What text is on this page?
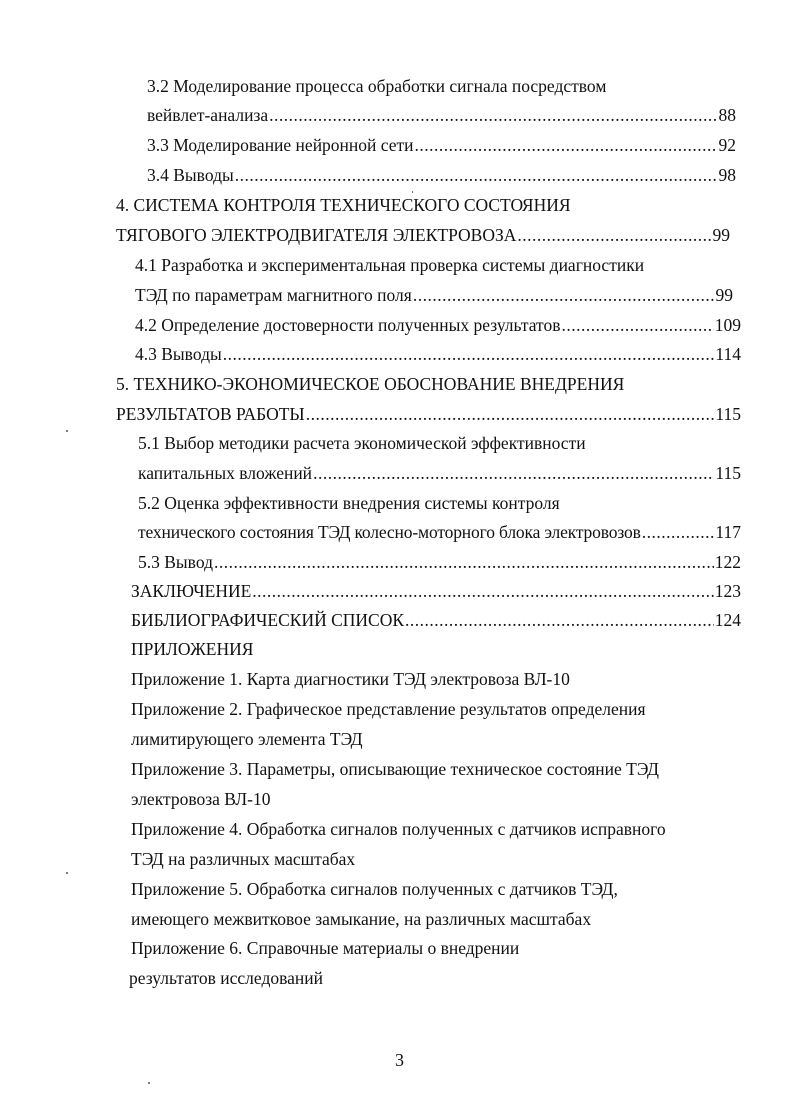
3.2 Моделирование процесса обработки сигнала посредством
вейвлет-анализа .....	88
3.3 Моделирование нейронной сети .....	92
3.4 Выводы .....	98
4. СИСТЕМА КОНТРОЛЯ ТЕХНИЧЕСКОГО СОСТОЯНИЯ
ТЯГОВОГО ЭЛЕКТРОДВИГАТЕЛЯ ЭЛЕКТРОВОЗА .....	99
4.1 Разработка и экспериментальная проверка системы диагностики
ТЭД по параметрам магнитного поля .....	99
4.2 Определение достоверности полученных результатов .....	109
4.3 Выводы .....	114
5. ТЕХНИКО-ЭКОНОМИЧЕСКОЕ ОБОСНОВАНИЕ ВНЕДРЕНИЯ
РЕЗУЛЬТАТОВ РАБОТЫ .....	115
5.1 Выбор методики расчета экономической эффективности
капитальных вложений .....	115
5.2 Оценка эффективности внедрения системы контроля
технического состояния ТЭД колесно-моторного блока электровозов .....	117
5.3 Вывод .....	122
ЗАКЛЮЧЕНИЕ .....	123
БИБЛИОГРАФИЧЕСКИЙ СПИСОК .....	124
ПРИЛОЖЕНИЯ
Приложение 1. Карта диагностики ТЭД электровоза ВЛ-10
Приложение 2. Графическое представление результатов определения
лимитирующего элемента ТЭД
Приложение 3. Параметры, описывающие техническое состояние ТЭД
электровоза ВЛ-10
Приложение 4. Обработка сигналов полученных с датчиков исправного
ТЭД на различных масштабах
Приложение 5. Обработка сигналов полученных с датчиков ТЭД,
имеющего межвитковое замыкание, на различных масштабах
Приложение 6. Справочные материалы о внедрении
результатов исследований
3
